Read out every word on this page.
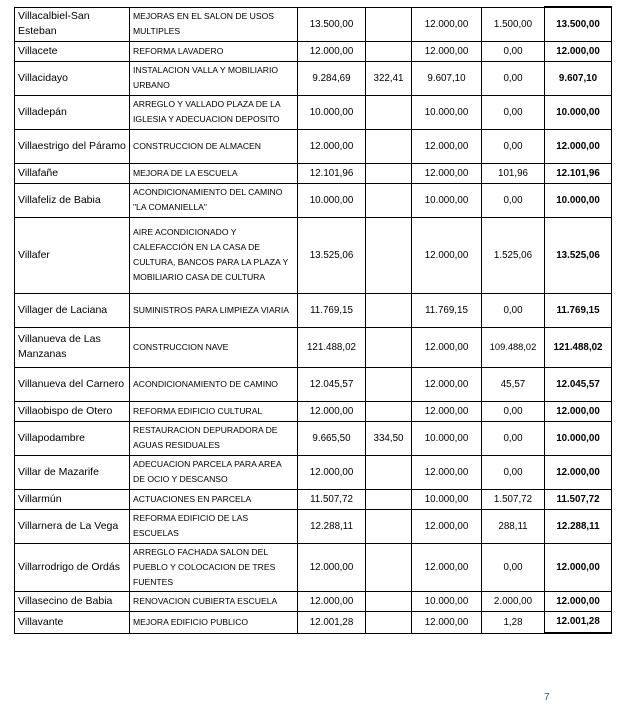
Villacalbiel-San Esteban	MEJORAS EN EL SALON DE USOS MULTIPLES	13.500,00		12.000,00	1.500,00	13.500,00
Villacete	REFORMA LAVADERO	12.000,00		12.000,00	0,00	12.000,00
Villacidayo	INSTALACION VALLA Y MOBILIARIO URBANO	9.284,69	322,41	9.607,10	0,00	9.607,10
Villadepán	ARREGLO Y VALLADO PLAZA DE LA IGLESIA Y ADECUACION DEPOSITO	10.000,00		10.000,00	0,00	10.000,00
Villaestrigo del Páramo	CONSTRUCCION DE ALMACEN	12.000,00		12.000,00	0,00	12.000,00
Villafañe	MEJORA DE LA ESCUELA	12.101,96		12.000,00	101,96	12.101,96
Villafeliz de Babia	ACONDICIONAMIENTO DEL CAMINO "LA COMANIELLA"	10.000,00		10.000,00	0,00	10.000,00
Villafer	AIRE ACONDICIONADO Y CALEFACCIÓN EN LA CASA DE CULTURA, BANCOS PARA LA PLAZA Y MOBILIARIO CASA DE CULTURA	13.525,06		12.000,00	1.525,06	13.525,06
Villager de Laciana	SUMINISTROS PARA LIMPIEZA VIARIA	11.769,15		11.769,15	0,00	11.769,15
Villanueva de Las Manzanas	CONSTRUCCION NAVE	121.488,02		12.000,00	109.488,02	121.488,02
Villanueva del Carnero	ACONDICIONAMIENTO DE CAMINO	12.045,57		12.000,00	45,57	12.045,57
Villaobispo de Otero	REFORMA EDIFICIO CULTURAL	12.000,00		12.000,00	0,00	12.000,00
Villapodambre	RESTAURACION DEPURADORA DE AGUAS RESIDUALES	9.665,50	334,50	10.000,00	0,00	10.000,00
Villar de Mazarife	ADECUACION PARCELA PARA AREA DE OCIO Y DESCANSO	12.000,00		12.000,00	0,00	12.000,00
Villarmún	ACTUACIONES EN PARCELA	11.507,72		10.000,00	1.507,72	11.507,72
Villarnera de La Vega	REFORMA EDIFICIO DE LAS ESCUELAS	12.288,11		12.000,00	288,11	12.288,11
Villarrodrigo de Ordás	ARREGLO FACHADA SALON DEL PUEBLO Y COLOCACION DE TRES FUENTES	12.000,00		12.000,00	0,00	12.000,00
Villasecino de Babia	RENOVACION CUBIERTA ESCUELA	12.000,00		10.000,00	2.000,00	12.000,00
Villavante	MEJORA EDIFICIO PUBLICO	12.001,28		12.000,00	1,28	12.001,28
7
